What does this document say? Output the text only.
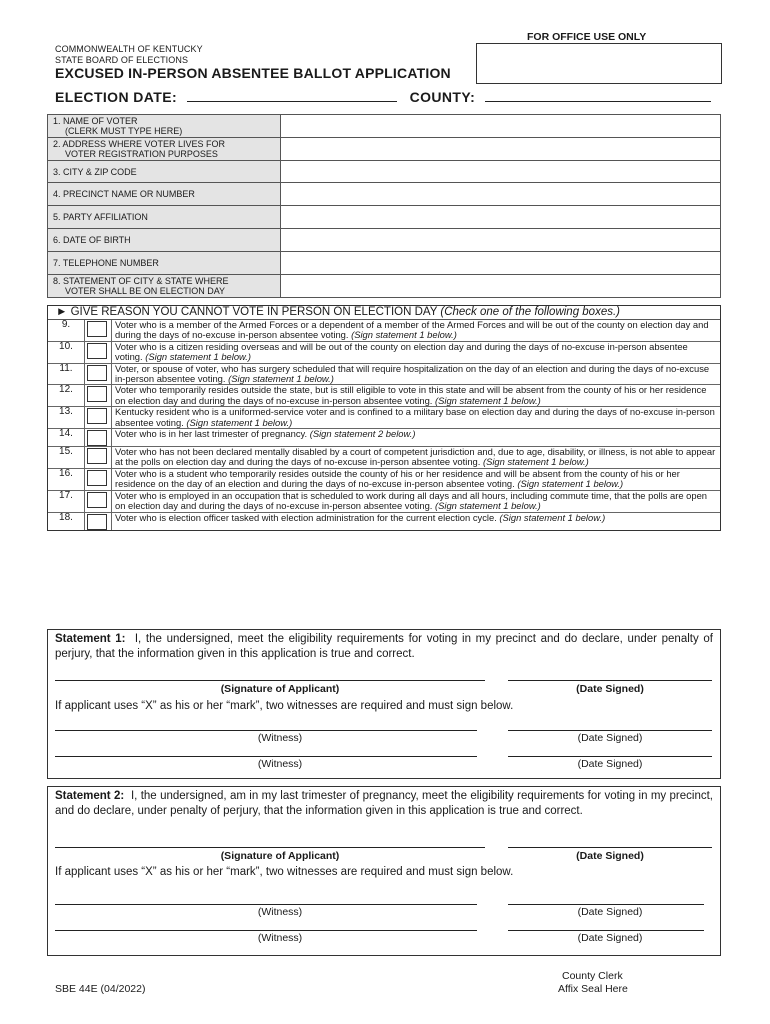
FOR OFFICE USE ONLY
COMMONWEALTH OF KENTUCKY
STATE BOARD OF ELECTIONS
EXCUSED IN-PERSON ABSENTEE BALLOT APPLICATION
ELECTION DATE:	COUNTY:
1. NAME OF VOTER
(CLERK MUST TYPE HERE)	

2. ADDRESS WHERE VOTER LIVES FOR
VOTER REGISTRATION PURPOSES	

3. CITY & ZIP CODE	

4. PRECINCT NAME OR NUMBER	

5. PARTY AFFILIATION	

6. DATE OF BIRTH	

7. TELEPHONE NUMBER	

8. STATEMENT OF CITY & STATE WHERE
VOTER SHALL BE ON ELECTION DAY	

► GIVE REASON YOU CANNOT VOTE IN PERSON ON ELECTION DAY (Check one of the following boxes.)
9.		Voter who is a member of the Armed Forces or a dependent of a member of the Armed Forces and will be out of the county on election day and during the days of no-excuse in-person absentee voting. (Sign statement 1 below.)
10.		Voter who is a citizen residing overseas and will be out of the county on election day and during the days of no-excuse in-person absentee voting. (Sign statement 1 below.)
11.		Voter, or spouse of voter, who has surgery scheduled that will require hospitalization on the day of an election and during the days of no-excuse in-person absentee voting. (Sign statement 1 below.)
12.		Voter who temporarily resides outside the state, but is still eligible to vote in this state and will be absent from the county of his or her residence on election day and during the days of no-excuse in-person absentee voting. (Sign statement 1 below.)
13.		Kentucky resident who is a uniformed-service voter and is confined to a military base on election day and during the days of no-excuse in-person absentee voting. (Sign statement 1 below.)
14.		Voter who is in her last trimester of pregnancy. (Sign statement 2 below.)
15.		Voter who has not been declared mentally disabled by a court of competent jurisdiction and, due to age, disability, or illness, is not able to appear at the polls on election day and during the days of no-excuse in-person absentee voting. (Sign statement 1 below.)
16.		Voter who is a student who temporarily resides outside the county of his or her residence and will be absent from the county of his or her residence on the day of an election and during the days of no-excuse in-person absentee voting. (Sign statement 1 below.)
17.		Voter who is employed in an occupation that is scheduled to work during all days and all hours, including commute time, that the polls are open on election day and during the days of no-excuse in-person absentee voting. (Sign statement 1 below.)
18.		Voter who is election officer tasked with election administration for the current election cycle. (Sign statement 1 below.)
Statement 1: I, the undersigned, meet the eligibility requirements for voting in my precinct and do declare, under penalty of perjury, that the information given in this application is true and correct.
(Signature of Applicant)	(Date Signed)
If applicant uses “X” as his or her “mark”, two witnesses are required and must sign below.
(Witness)	(Date Signed)
(Witness)	(Date Signed)
Statement 2: I, the undersigned, am in my last trimester of pregnancy, meet the eligibility requirements for voting in my precinct, and do declare, under penalty of perjury, that the information given in this application is true and correct.
(Signature of Applicant)	(Date Signed)
If applicant uses “X” as his or her “mark”, two witnesses are required and must sign below.
(Witness)	(Date Signed)
(Witness)	(Date Signed)
SBE 44E (04/2022)
County Clerk
Affix Seal Here
